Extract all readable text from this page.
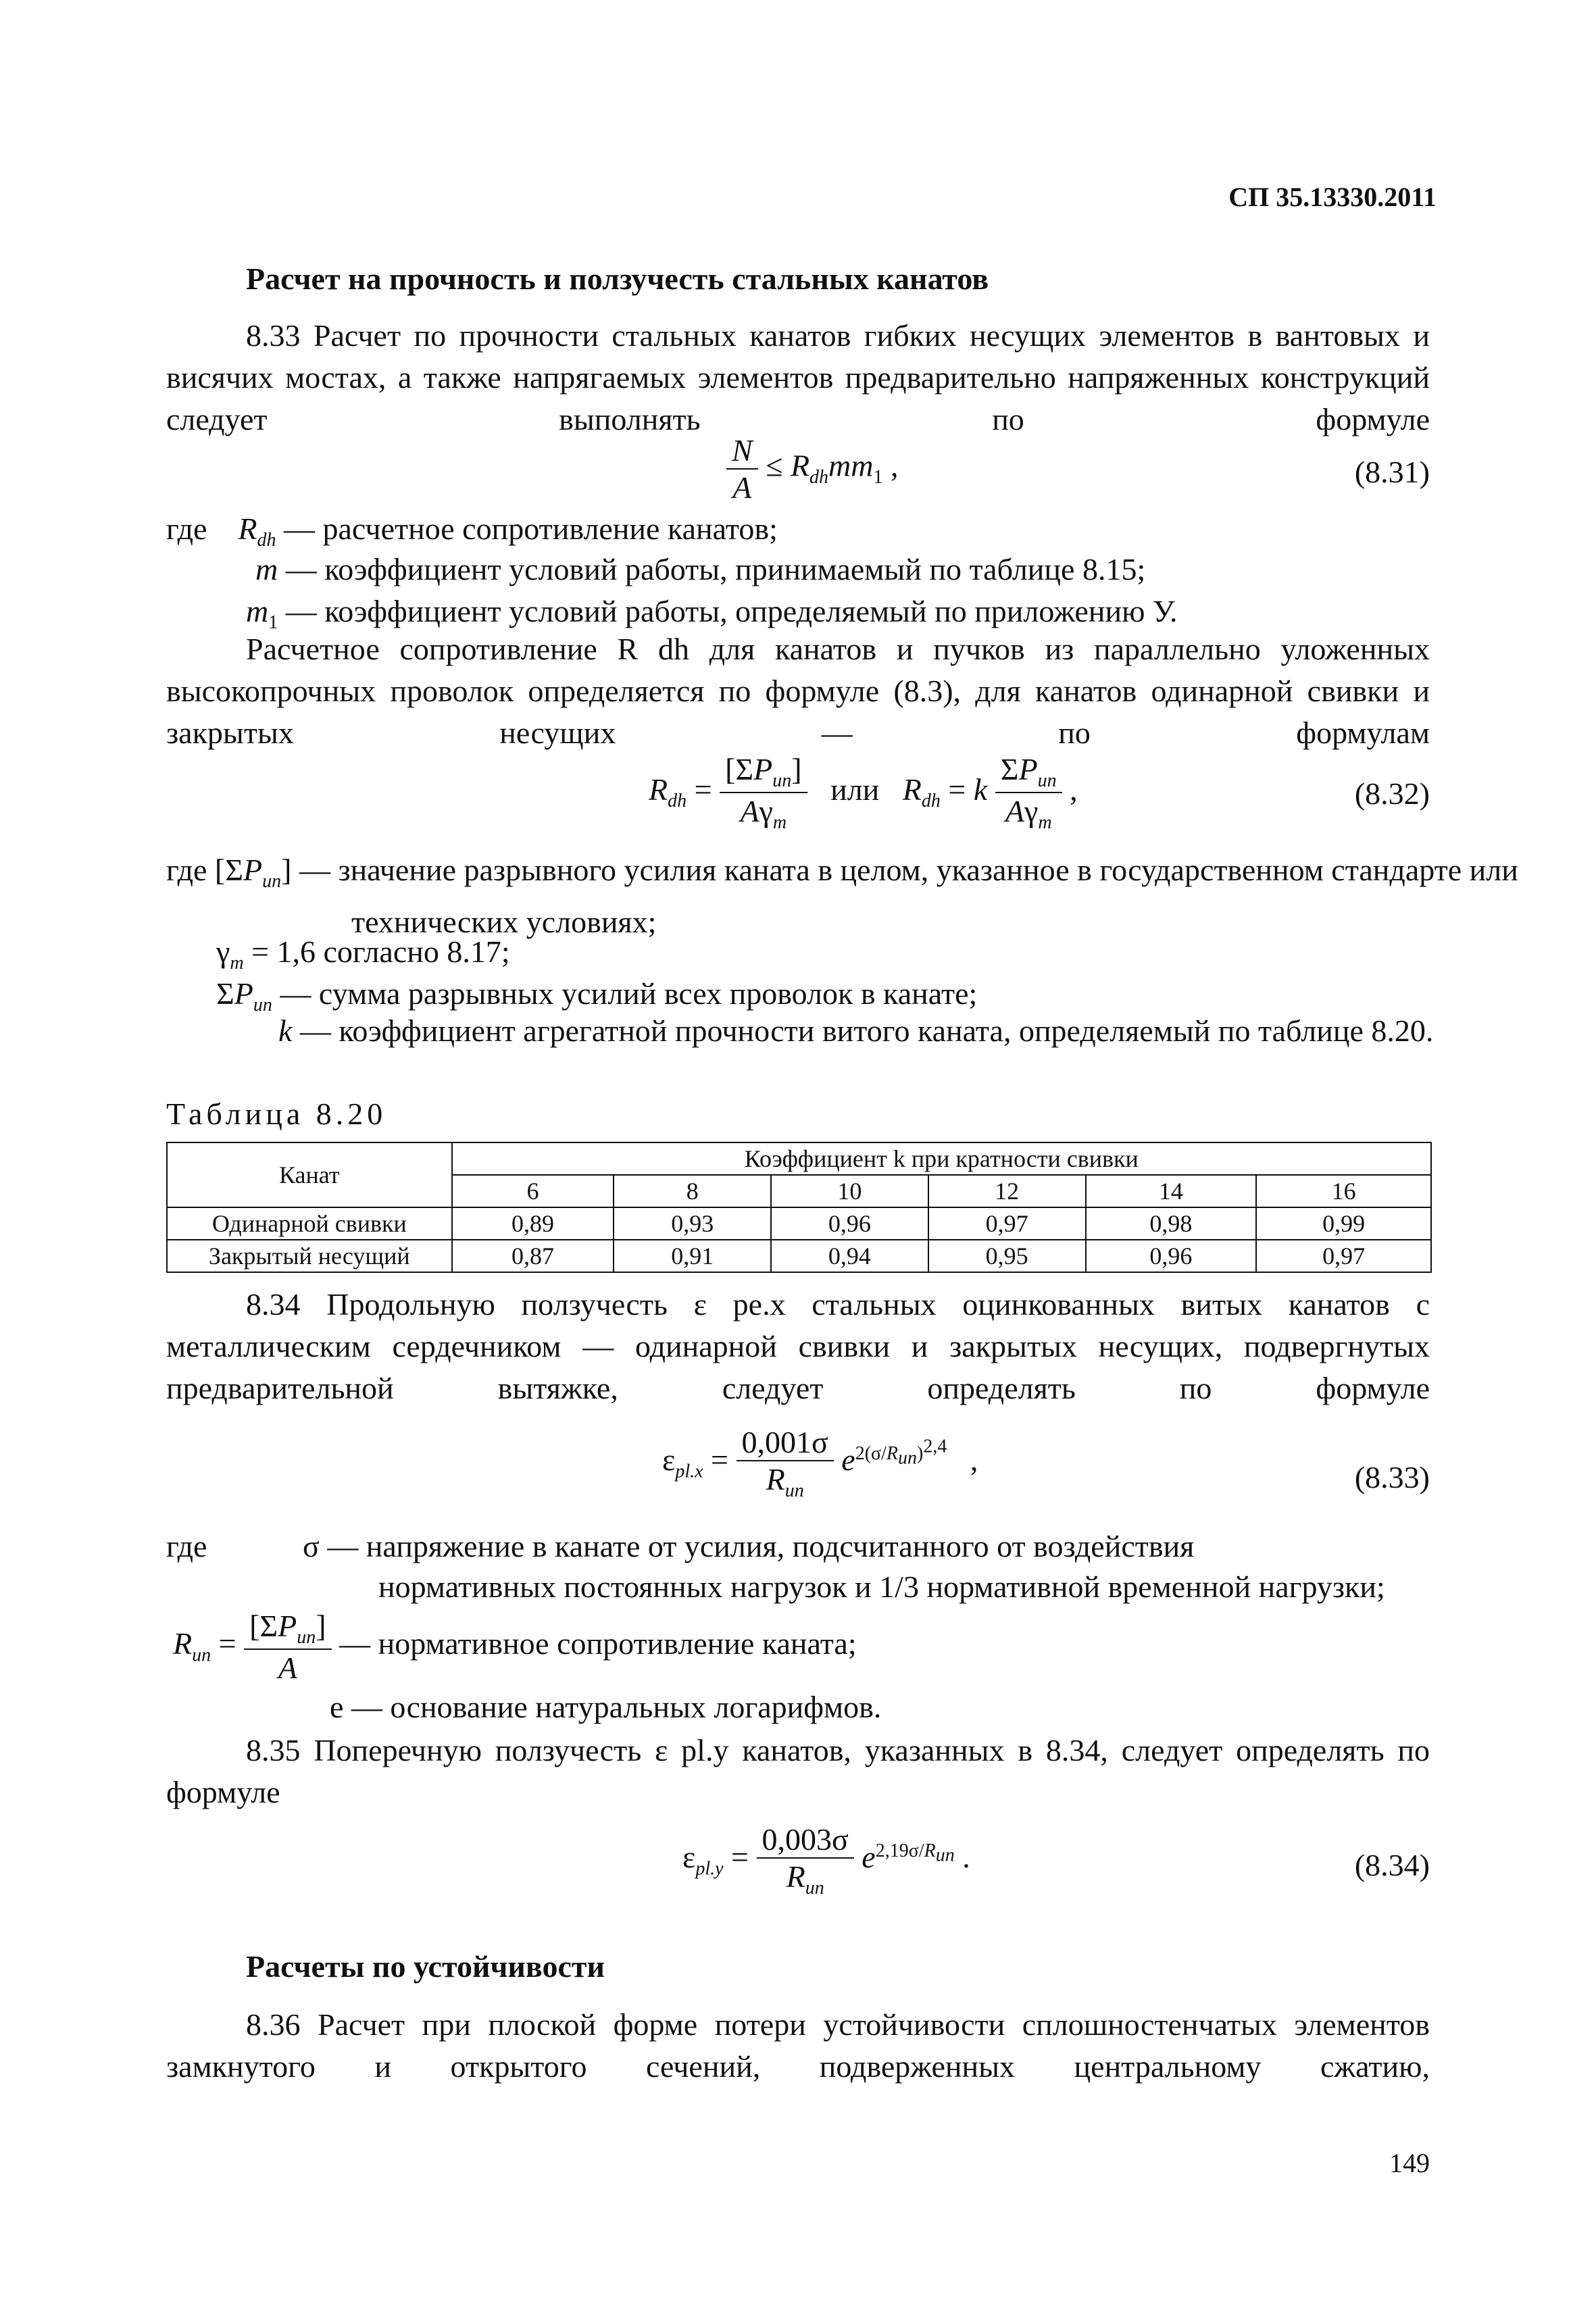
СП 35.13330.2011
Расчет на прочность и ползучесть стальных канатов
8.33 Расчет по прочности стальных канатов гибких несущих элементов в вантовых и висячих мостах, а также напрягаемых элементов предварительно напряженных конструкций следует выполнять по формуле
$\frac{N}{A} \le R_{dh}mm_1$ ,	(8.31)
где $R_{dh}$ — расчетное сопротивление канатов;
m — коэффициент условий работы, принимаемый по таблице 8.15;
$m_1$ — коэффициент условий работы, определяемый по приложению У.
Расчетное сопротивление R dh для канатов и пучков из параллельно уложенных высокопрочных проволок определяется по формуле (8.3), для канатов одинарной свивки и закрытых несущих — по формулам
$R_{dh} = \frac{[\Sigma P_{un}]}{A\gamma_m}$ или $R_{dh} = k \frac{\Sigma P_{un}}{A\gamma_m}$ ,	(8.32)
где $[\Sigma P_{un}]$ — значение разрывного усилия каната в целом, указанное в государственном стандарте или технических условиях;
$\gamma_m = 1,6$ согласно 8.17;
$\Sigma P_{un}$ — сумма разрывных усилий всех проволок в канате;
k — коэффициент агрегатной прочности витого каната, определяемый по таблице 8.20.
Таблица 8.20
Канат	Коэффициент k при кратности свивки					
	6	8	10	12	14	16
Одинарной свивки	0,89	0,93	0,96	0,97	0,98	0,99
Закрытый несущий	0,87	0,91	0,94	0,95	0,96	0,97
8.34 Продольную ползучесть ε pe.x стальных оцинкованных витых канатов с металлическим сердечником — одинарной свивки и закрытых несущих, подвергнутых предварительной вытяжке, следует определять по формуле
$\varepsilon_{pl.x} = \frac{0,001\sigma}{R_{un}} e^{2(\sigma/R_{un})^{2,4}}$   ,
(8.33)
где	σ — напряжение в канате от усилия, подсчитанного от воздействия
нормативных постоянных нагрузок и 1/3 нормативной временной нагрузки;
$R_{un} = \frac{[\Sigma P_{un}]}{A}$ — нормативное сопротивление каната;
e — основание натуральных логарифмов.
8.35 Поперечную ползучесть ε pl.y канатов, указанных в 8.34, следует определять по формуле
$\varepsilon_{pl.y} = \frac{0,003\sigma}{R_{un}} e^{2,19\sigma/R_{un}}$ .	(8.34)
Расчеты по устойчивости
8.36 Расчет при плоской форме потери устойчивости сплошностенчатых элементов замкнутого и открытого сечений, подверженных центральному сжатию,
149
